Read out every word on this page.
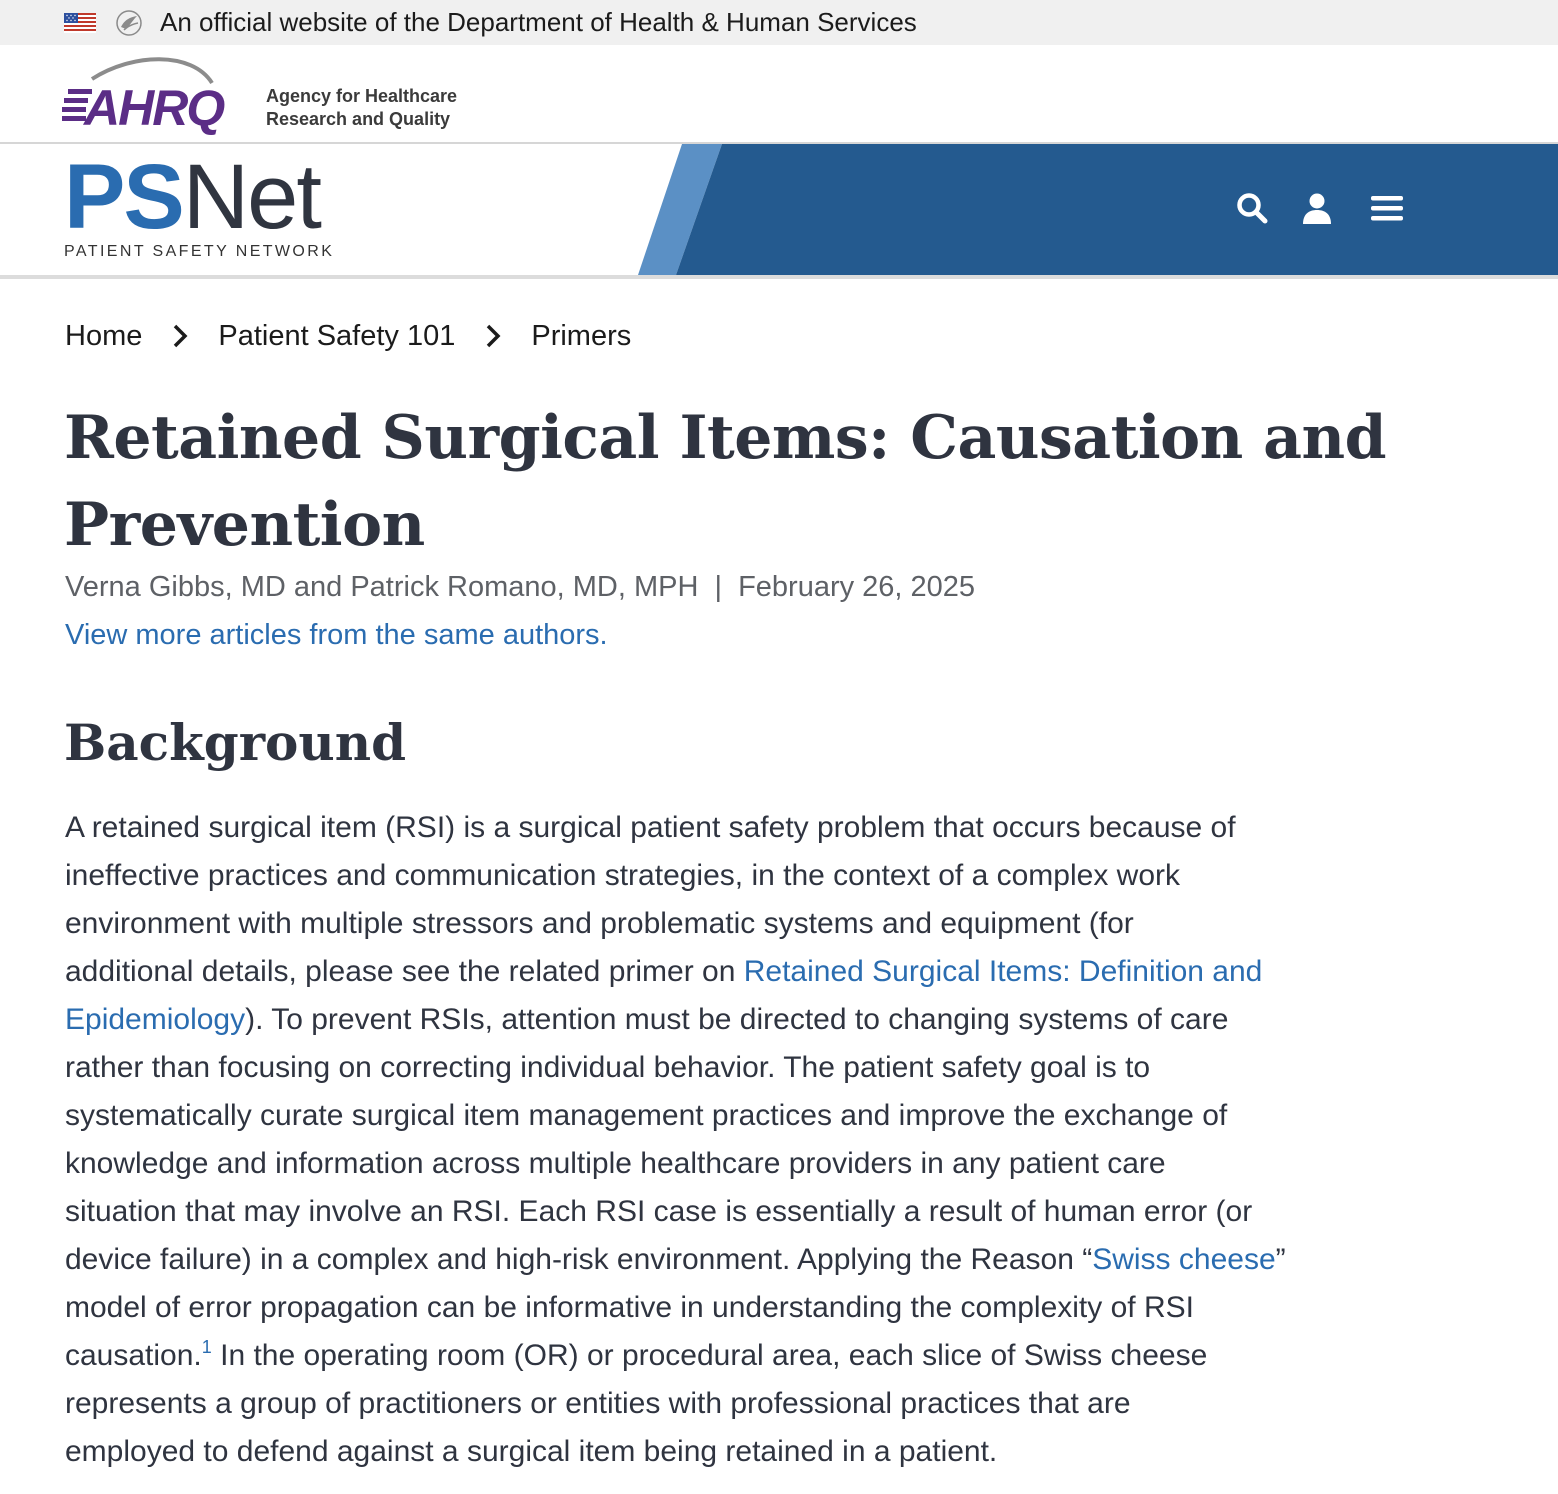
An official website of the Department of Health & Human Services
AHRQ Agency for Healthcare
Research and Quality
PSNet
PATIENT SAFETY NETWORK
Home	Patient Safety 101	Primers
Retained Surgical Items: Causation and
Prevention
Verna Gibbs, MD and Patrick Romano, MD, MPH | February 26, 2025
View more articles from the same authors.
Background

A retained surgical item (RSI) is a surgical patient safety problem that occurs because of
ineffective practices and communication strategies, in the context of a complex work
environment with multiple stressors and problematic systems and equipment (for
additional details, please see the related primer on Retained Surgical Items: Definition and
Epidemiology). To prevent RSIs, attention must be directed to changing systems of care
rather than focusing on correcting individual behavior. The patient safety goal is to
systematically curate surgical item management practices and improve the exchange of
knowledge and information across multiple healthcare providers in any patient care
situation that may involve an RSI. Each RSI case is essentially a result of human error (or
device failure) in a complex and high-risk environment. Applying the Reason “Swiss cheese”
model of error propagation can be informative in understanding the complexity of RSI
causation.$^1$ In the operating room (OR) or procedural area, each slice of Swiss cheese
represents a group of practitioners or entities with professional practices that are
employed to defend against a surgical item being retained in a patient.
